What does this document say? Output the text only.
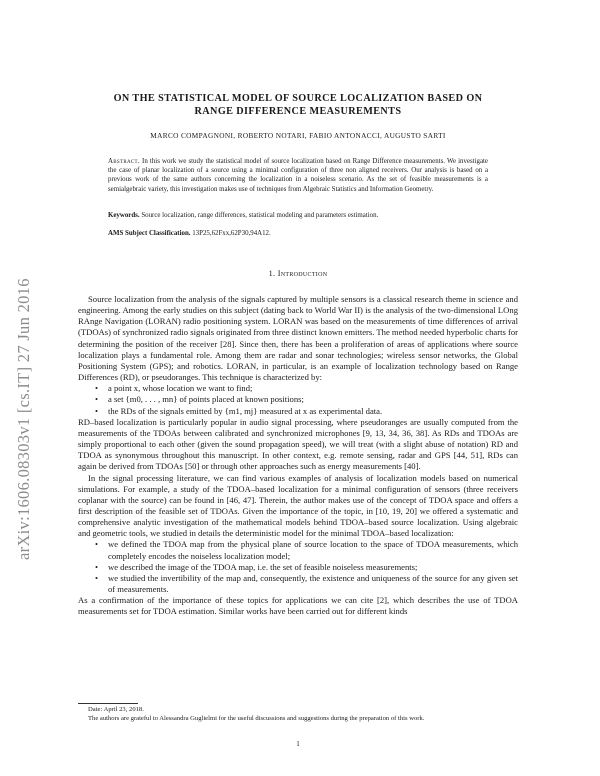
arXiv:1606.08303v1 [cs.IT] 27 Jun 2016
ON THE STATISTICAL MODEL OF SOURCE LOCALIZATION BASED ON
RANGE DIFFERENCE MEASUREMENTS
MARCO COMPAGNONI, ROBERTO NOTARI, FABIO ANTONACCI, AUGUSTO SARTI
Abstract. In this work we study the statistical model of source localization based on Range Difference measurements. We investigate the case of planar localization of a source using a minimal configuration of three non aligned receivers. Our analysis is based on a previous work of the same authors concerning the localization in a noiseless scenario. As the set of feasible measurements is a semialgebraic variety, this investigation makes use of techniques from Algebraic Statistics and Information Geometry.
Keywords. Source localization, range differences, statistical modeling and parameters estimation.
AMS Subject Classification. 13P25,62Fxx,62P30,94A12.
1. Introduction

Source localization from the analysis of the signals captured by multiple sensors is a classical research theme in science and engineering. Among the early studies on this subject (dating back to World War II) is the analysis of the two-dimensional LOng RAnge Navigation (LORAN) radio positioning system. LORAN was based on the measurements of time differences of arrival (TDOAs) of synchronized radio signals originated from three distinct known emitters. The method needed hyperbolic charts for determining the position of the receiver [28]. Since then, there has been a proliferation of areas of applications where source localization plays a fundamental role. Among them are radar and sonar technologies; wireless sensor networks, the Global Positioning System (GPS); and robotics. LORAN, in particular, is an example of localization technology based on Range Differences (RD), or pseudoranges. This technique is characterized by:

• a point x, whose location we want to find;
• a set {m0, . . . , mn} of points placed at known positions;
• the RDs of the signals emitted by {m1, mj} measured at x as experimental data.

RD–based localization is particularly popular in audio signal processing, where pseudoranges are usually computed from the measurements of the TDOAs between calibrated and synchronized microphones [9, 13, 34, 36, 38]. As RDs and TDOAs are simply proportional to each other (given the sound propagation speed), we will treat (with a slight abuse of notation) RD and TDOA as synonymous throughout this manuscript. In other context, e.g. remote sensing, radar and GPS [44, 51], RDs can again be derived from TDOAs [50] or through other approaches such as energy measurements [40].

In the signal processing literature, we can find various examples of analysis of localization models based on numerical simulations. For example, a study of the TDOA–based localization for a minimal configuration of sensors (three receivers coplanar with the source) can be found in [46, 47]. Therein, the author makes use of the concept of TDOA space and offers a first description of the feasible set of TDOAs. Given the importance of the topic, in [10, 19, 20] we offered a systematic and comprehensive analytic investigation of the mathematical models behind TDOA–based source localization. Using algebraic and geometric tools, we studied in details the deterministic model for the minimal TDOA–based localization:

• we defined the TDOA map from the physical plane of source location to the space of TDOA measurements, which completely encodes the noiseless localization model;
• we described the image of the TDOA map, i.e. the set of feasible noiseless measurements;
• we studied the invertibility of the map and, consequently, the existence and uniqueness of the source for any given set of measurements.

As a confirmation of the importance of these topics for applications we can cite [2], which describes the use of TDOA measurements set for TDOA estimation. Similar works have been carried out for different kinds

Date: April 23, 2018.
The authors are grateful to Alessandra Guglielmi for the useful discussions and suggestions during the preparation of this work.
1
